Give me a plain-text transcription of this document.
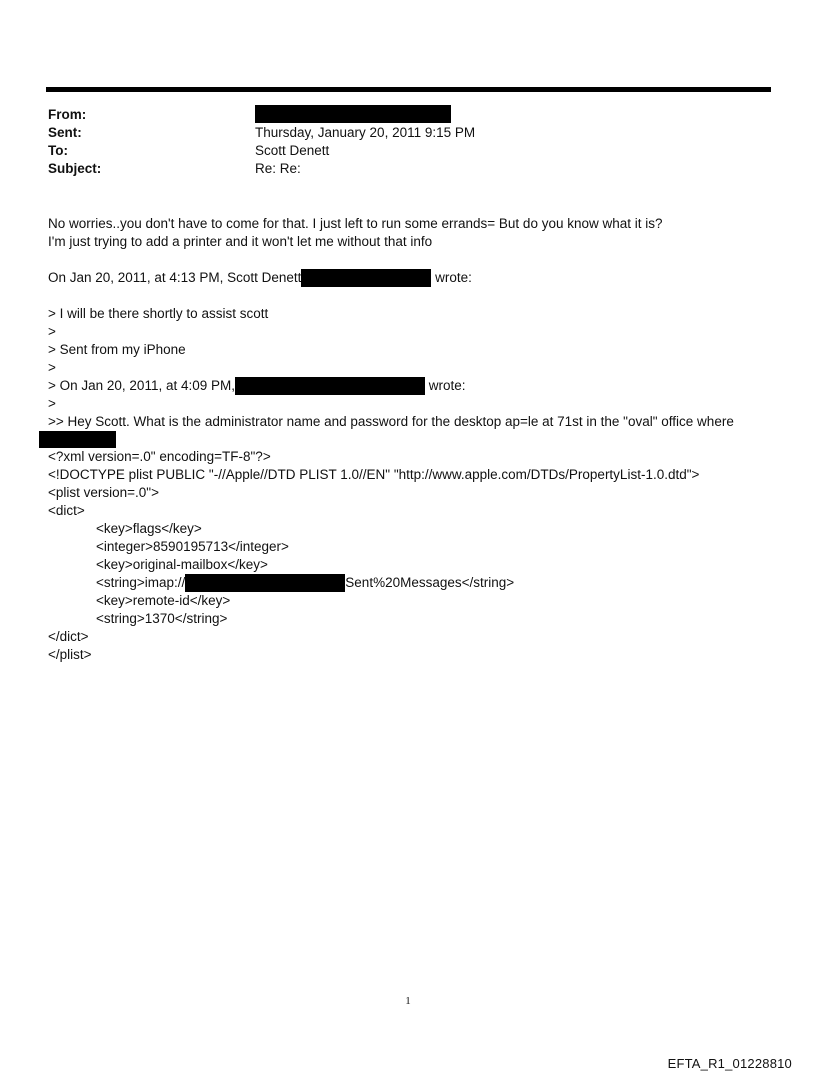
From:
Sent:	Thursday, January 20, 2011 9:15 PM
To:	Scott Denett
Subject:	Re: Re:
No worries..you don't have to come for that. I just left to run some errands= But do you know what it is?
I'm just trying to add a printer and it won't let me without that info
On Jan 20, 2011, at 4:13 PM, Scott Denett	wrote:
> I will be there shortly to assist scott
>
> Sent from my iPhone
>
> On Jan 20, 2011, at 4:09 PM,	wrote:
>
>> Hey Scott. What is the administrator name and password for the desktop ap=le at 71st in the "oval" office where
<?xml version=.0" encoding=TF-8"?>
<!DOCTYPE plist PUBLIC "-//Apple//DTD PLIST 1.0//EN" "http://www.apple.com/DTDs/PropertyList-1.0.dtd">
<plist version=.0">
<dict>
<key>flags</key>
<integer>8590195713</integer>
<key>original-mailbox</key>
<string>imap://	Sent%20Messages</string>
<key>remote-id</key>
<string>1370</string>
</dict>
</plist>
1
EFTA_R1_01228810
